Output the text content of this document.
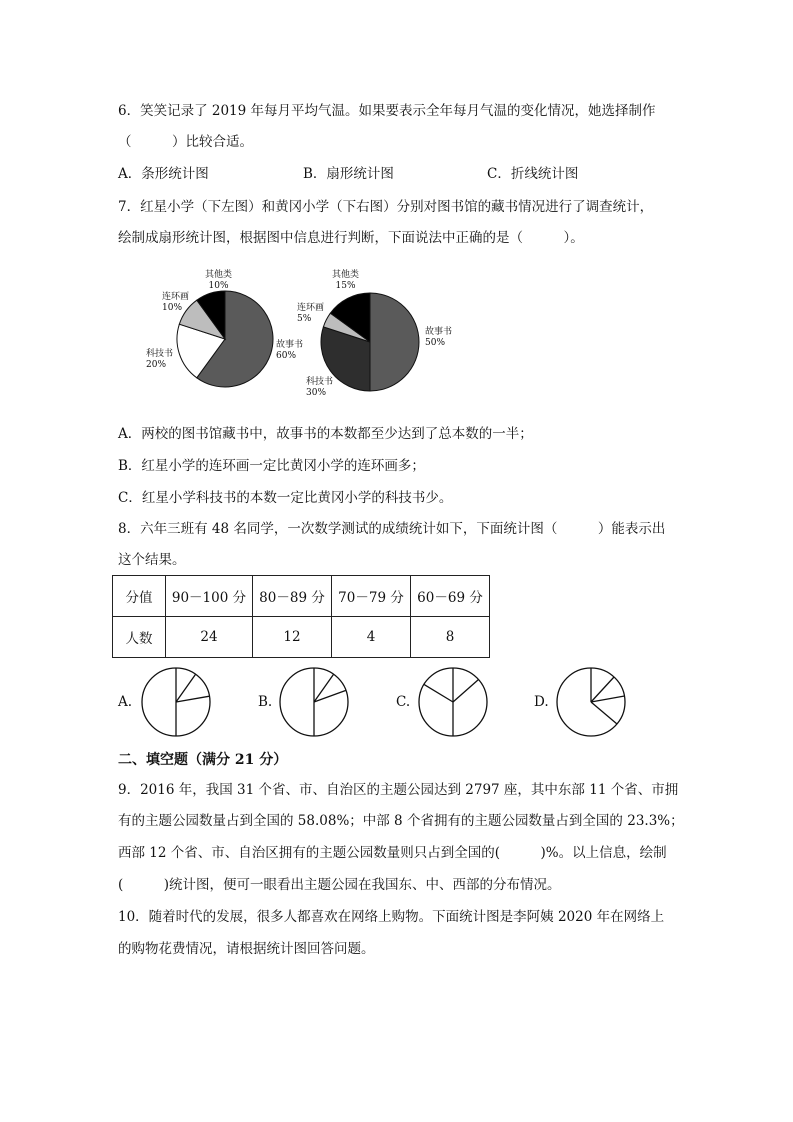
6．笑笑记录了 2019 年每月平均气温。如果要表示全年每月气温的变化情况，她选择制作
（　　　）比较合适。
A．条形统计图	B．扇形统计图	C．折线统计图
7．红星小学（下左图）和黄冈小学（下右图）分别对图书馆的藏书情况进行了调查统计，
绘制成扇形统计图，根据图中信息进行判断，下面说法中正确的是（　　　）。
其他类
10%
连环画
10%
科技书
20%
故事书
60%
其他类
15%
连环画
5%
科技书
30%
故事书
50%
A．两校的图书馆藏书中，故事书的本数都至少达到了总本数的一半；
B．红星小学的连环画一定比黄冈小学的连环画多；
C．红星小学科技书的本数一定比黄冈小学的科技书少。
8．六年三班有 48 名同学，一次数学测试的成绩统计如下，下面统计图（　　　）能表示出
这个结果。
分值	90－100 分	80－89 分	70－79 分	60－69 分
人数	24	12	4	8
A.	B.	C.	D.
二、填空题（满分 21 分）
9．2016 年，我国 31 个省、市、自治区的主题公园达到 2797 座，其中东部 11 个省、市拥
有的主题公园数量占到全国的 58.08%；中部 8 个省拥有的主题公园数量占到全国的 23.3%；
西部 12 个省、市、自治区拥有的主题公园数量则只占到全国的(　　　)%。以上信息，绘制
(　　　)统计图，便可一眼看出主题公园在我国东、中、西部的分布情况。
10．随着时代的发展，很多人都喜欢在网络上购物。下面统计图是李阿姨 2020 年在网络上
的购物花费情况，请根据统计图回答问题。
